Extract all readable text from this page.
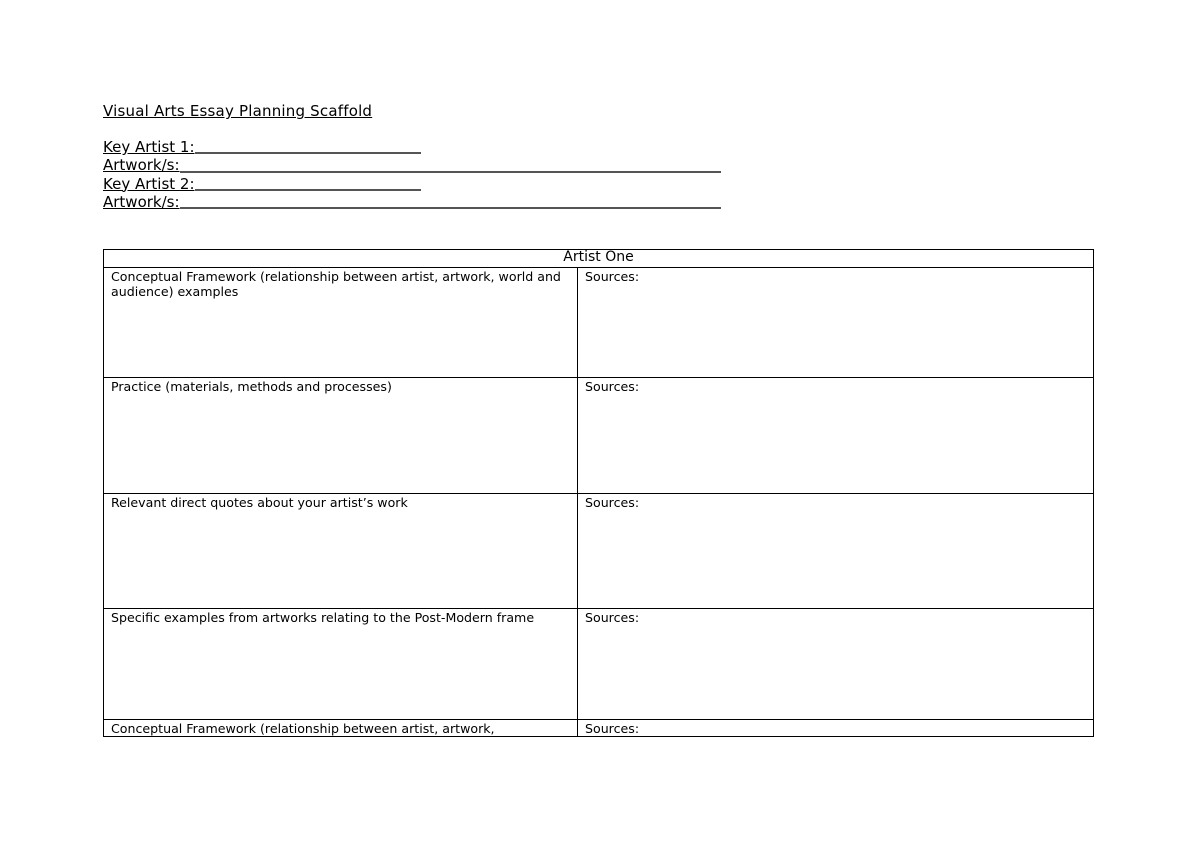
Visual Arts Essay Planning Scaffold
Key Artist 1:
Artwork/s:
Key Artist 2:
Artwork/s:
Artist One	
Conceptual Framework (relationship between artist, artwork, world and audience) examples	Sources:
Practice (materials, methods and processes)	Sources:
Relevant direct quotes about your artist’s work	Sources:
Specific examples from artworks relating to the Post-Modern frame	Sources:
Conceptual Framework (relationship between artist, artwork,	Sources:
